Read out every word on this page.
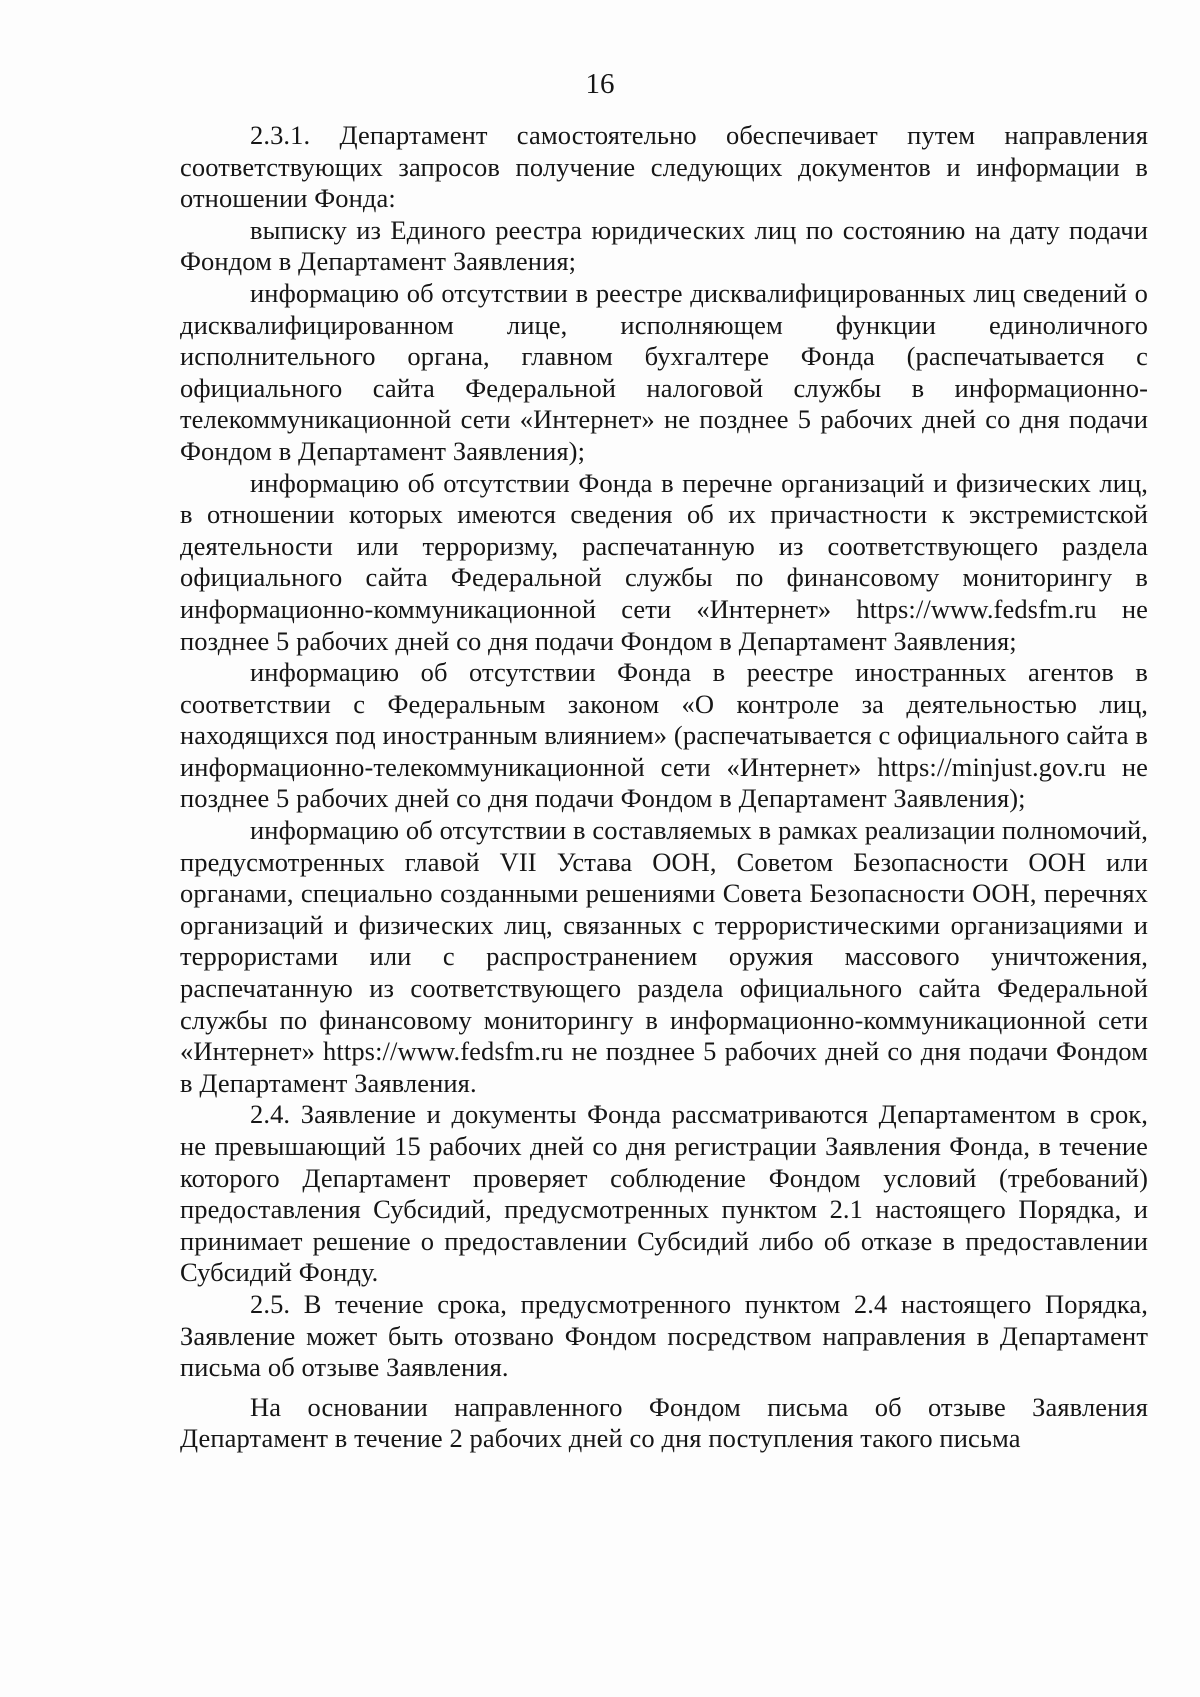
16

2.3.1. Департамент самостоятельно обеспечивает путем направления соответствующих запросов получение следующих документов и информации в отношении Фонда:

выписку из Единого реестра юридических лиц по состоянию на дату подачи Фондом в Департамент Заявления;

информацию об отсутствии в реестре дисквалифицированных лиц сведений о дисквалифицированном лице, исполняющем функции единоличного исполнительного органа, главном бухгалтере Фонда (распечатывается с официального сайта Федеральной налоговой службы в информационно-телекоммуникационной сети «Интернет» не позднее 5 рабочих дней со дня подачи Фондом в Департамент Заявления);

информацию об отсутствии Фонда в перечне организаций и физических лиц, в отношении которых имеются сведения об их причастности к экстремистской деятельности или терроризму, распечатанную из соответствующего раздела официального сайта Федеральной службы по финансовому мониторингу в информационно-коммуникационной сети «Интернет» https://www.fedsfm.ru не позднее 5 рабочих дней со дня подачи Фондом в Департамент Заявления;

информацию об отсутствии Фонда в реестре иностранных агентов в соответствии с Федеральным законом «О контроле за деятельностью лиц, находящихся под иностранным влиянием» (распечатывается с официального сайта в информационно-телекоммуникационной сети «Интернет» https://minjust.gov.ru не позднее 5 рабочих дней со дня подачи Фондом в Департамент Заявления);

информацию об отсутствии в составляемых в рамках реализации полномочий, предусмотренных главой VII Устава ООН, Советом Безопасности ООН или органами, специально созданными решениями Совета Безопасности ООН, перечнях организаций и физических лиц, связанных с террористическими организациями и террористами или с распространением оружия массового уничтожения, распечатанную из соответствующего раздела официального сайта Федеральной службы по финансовому мониторингу в информационно-коммуникационной сети «Интернет» https://www.fedsfm.ru не позднее 5 рабочих дней со дня подачи Фондом в Департамент Заявления.

2.4. Заявление и документы Фонда рассматриваются Департаментом в срок, не превышающий 15 рабочих дней со дня регистрации Заявления Фонда, в течение которого Департамент проверяет соблюдение Фондом условий (требований) предоставления Субсидий, предусмотренных пунктом 2.1 настоящего Порядка, и принимает решение о предоставлении Субсидий либо об отказе в предоставлении Субсидий Фонду.

2.5. В течение срока, предусмотренного пунктом 2.4 настоящего Порядка, Заявление может быть отозвано Фондом посредством направления в Департамент письма об отзыве Заявления.

На основании направленного Фондом письма об отзыве Заявления Департамент в течение 2 рабочих дней со дня поступления такого письма
